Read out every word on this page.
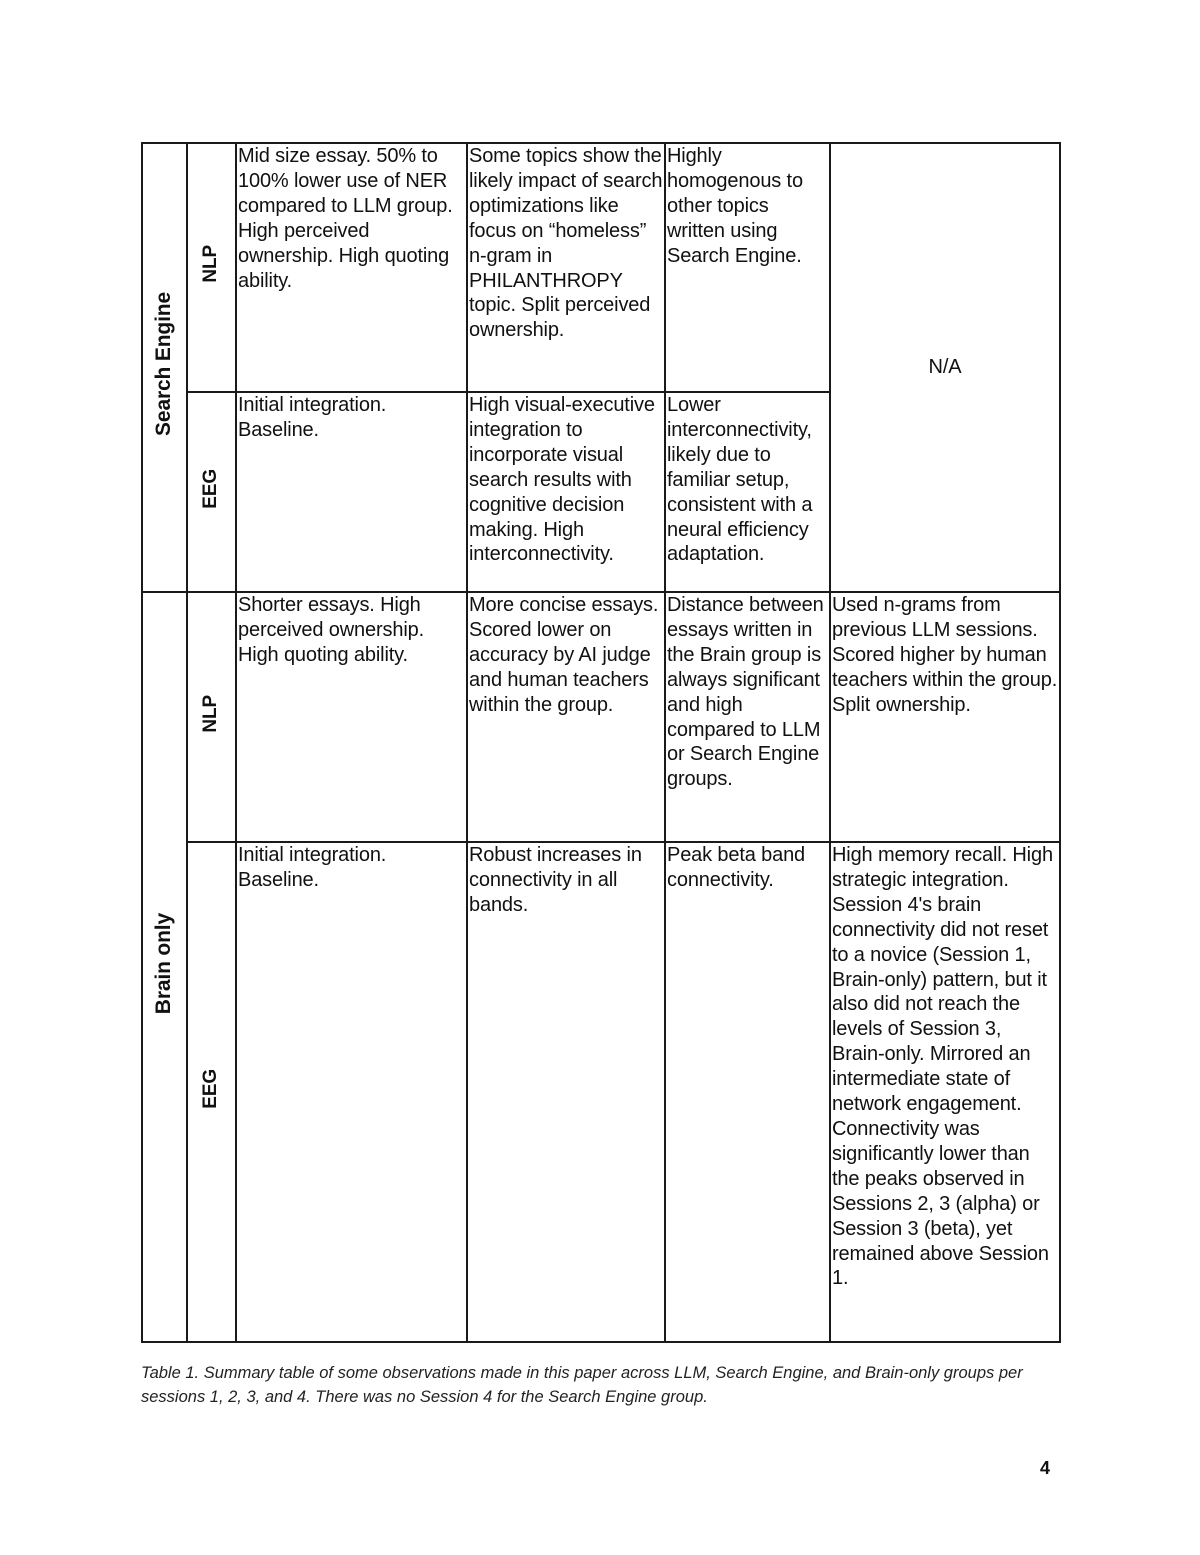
Search Engine	NLP	Mid size essay. 50% to 100% lower use of NER compared to LLM group. High perceived ownership. High quoting ability.	Some topics show the likely impact of search optimizations like focus on “homeless” n-gram in PHILANTHROPY topic. Split perceived ownership.	Highly homogenous to other topics written using Search Engine.	N/A
	EEG	Initial integration. Baseline.	High visual-executive integration to incorporate visual search results with cognitive decision making. High interconnectivity.	Lower interconnectivity, likely due to familiar setup, consistent with a neural efficiency adaptation.	

Brain only	NLP	Shorter essays. High perceived ownership. High quoting ability.	More concise essays. Scored lower on accuracy by AI judge and human teachers within the group.	Distance between essays written in the Brain group is always significant and high compared to LLM or Search Engine groups.	Used n-grams from previous LLM sessions. Scored higher by human teachers within the group. Split ownership.

	EEG	Initial integration. Baseline.	Robust increases in connectivity in all bands.	Peak beta band connectivity.	High memory recall. High strategic integration. Session 4's brain connectivity did not reset to a novice (Session 1, Brain-only) pattern, but it also did not reach the levels of Session 3, Brain-only. Mirrored an intermediate state of network engagement. Connectivity was significantly lower than the peaks observed in Sessions 2, 3 (alpha) or Session 3 (beta), yet remained above Session 1.

Table 1. Summary table of some observations made in this paper across LLM, Search Engine, and Brain-only groups per sessions 1, 2, 3, and 4. There was no Session 4 for the Search Engine group.

4
